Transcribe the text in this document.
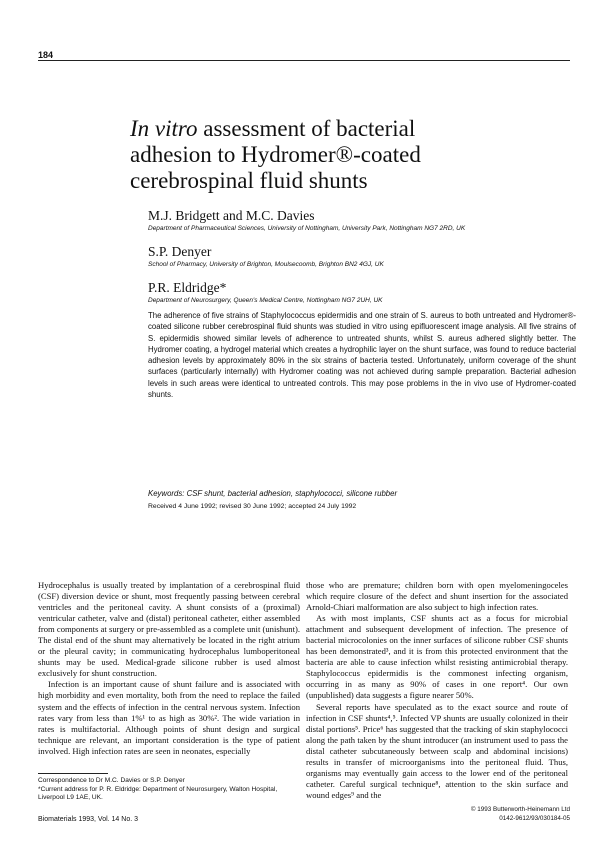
184
In vitro assessment of bacterial
adhesion to Hydromer®-coated
cerebrospinal fluid shunts
M.J. Bridgett and M.C. Davies
Department of Pharmaceutical Sciences, University of Nottingham, University Park, Nottingham NG7 2RD, UK
S.P. Denyer
School of Pharmacy, University of Brighton, Moulsecoomb, Brighton BN2 4GJ, UK
P.R. Eldridge*
Department of Neurosurgery, Queen's Medical Centre, Nottingham NG7 2UH, UK

The adherence of five strains of Staphylococcus epidermidis and one strain of S. aureus to both untreated and Hydromer®-coated silicone rubber cerebrospinal fluid shunts was studied in vitro using epifluorescent image analysis. All five strains of S. epidermidis showed similar levels of adherence to untreated shunts, whilst S. aureus adhered slightly better. The Hydromer coating, a hydrogel material which creates a hydrophilic layer on the shunt surface, was found to reduce bacterial adhesion levels by approximately 80% in the six strains of bacteria tested. Unfortunately, uniform coverage of the shunt surfaces (particularly internally) with Hydromer coating was not achieved during sample preparation. Bacterial adhesion levels in such areas were identical to untreated controls. This may pose problems in the in vivo use of Hydromer-coated shunts.

Keywords: CSF shunt, bacterial adhesion, staphylococci, silicone rubber
Received 4 June 1992; revised 30 June 1992; accepted 24 July 1992

Hydrocephalus is usually treated by implantation of a cerebrospinal fluid (CSF) diversion device or shunt, most frequently passing between cerebral ventricles and the peritoneal cavity. A shunt consists of a (proximal) ventricular catheter, valve and (distal) peritoneal catheter, either assembled from components at surgery or pre-assembled as a complete unit (unishunt). The distal end of the shunt may alternatively be located in the right atrium or the pleural cavity; in communicating hydrocephalus lumboperitoneal shunts may be used. Medical-grade silicone rubber is used almost exclusively for shunt construction.

Infection is an important cause of shunt failure and is associated with high morbidity and even mortality, both from the need to replace the failed system and the effects of infection in the central nervous system. Infection rates vary from less than 1%¹ to as high as 30%². The wide variation in rates is multifactorial. Although points of shunt design and surgical technique are relevant, an important consideration is the type of patient involved. High infection rates are seen in neonates, especially

those who are premature; children born with open myelomeningoceles which require closure of the defect and shunt insertion for the associated Arnold-Chiari malformation are also subject to high infection rates.

As with most implants, CSF shunts act as a focus for microbial attachment and subsequent development of infection. The presence of bacterial microcolonies on the inner surfaces of silicone rubber CSF shunts has been demonstrated³, and it is from this protected environment that the bacteria are able to cause infection whilst resisting antimicrobial therapy. Staphylococcus epidermidis is the commonest infecting organism, occurring in as many as 90% of cases in one report⁴. Our own (unpublished) data suggests a figure nearer 50%.

Several reports have speculated as to the exact source and route of infection in CSF shunts⁴,⁵. Infected VP shunts are usually colonized in their distal portions⁵. Price⁶ has suggested that the tracking of skin staphylococci along the path taken by the shunt introducer (an instrument used to pass the distal catheter subcutaneously between scalp and abdominal incisions) results in transfer of microorganisms into the peritoneal fluid. Thus, organisms may eventually gain access to the lower end of the peritoneal catheter. Careful surgical technique⁸, attention to the skin surface and wound edges⁹ and the

Correspondence to Dr M.C. Davies or S.P. Denyer
*Current address for P. R. Eldridge: Department of Neurosurgery, Walton Hospital, Liverpool L9 1AE, UK.
Biomaterials 1993, Vol. 14 No. 3
© 1993 Butterworth-Heinemann Ltd
0142-9612/93/030184-05
